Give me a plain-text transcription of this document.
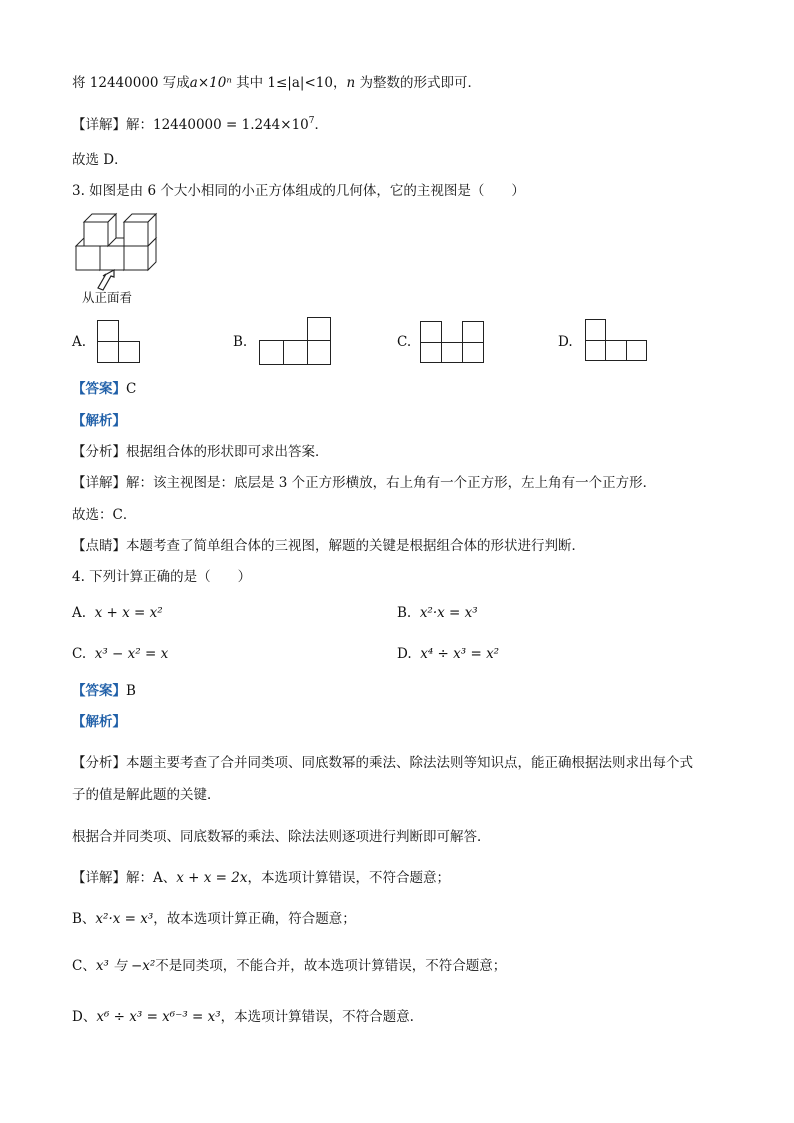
将 12440000 写成a×10ⁿ 其中 1≤|a|<10，n 为整数的形式即可．
【详解】解：$12440000 = 1.244\times 10^7$．
故选 D．
3. 如图是由 6 个大小相同的小正方体组成的几何体，它的主视图是（　　）
从正面看
A.	B.	C.	D.
【答案】C
【解析】
【分析】根据组合体的形状即可求出答案．
【详解】解：该主视图是：底层是 3 个正方形横放，右上角有一个正方形，左上角有一个正方形．
故选：C．
【点睛】本题考查了简单组合体的三视图，解题的关键是根据组合体的形状进行判断．
4. 下列计算正确的是（　　）
A. x + x = x²	B. x²·x = x³
C. x³ − x² = x	D. x⁴ ÷ x³ = x²
【答案】B
【解析】
【分析】本题主要考查了合并同类项、同底数幂的乘法、除法法则等知识点，能正确根据法则求出每个式
子的值是解此题的关键．
根据合并同类项、同底数幂的乘法、除法法则逐项进行判断即可解答．
【详解】解：A、x + x = 2x，本选项计算错误，不符合题意；
B、x²·x = x³，故本选项计算正确，符合题意；
C、x³ 与 −x²不是同类项，不能合并，故本选项计算错误，不符合题意；
D、x⁶ ÷ x³ = x⁶⁻³ = x³，本选项计算错误，不符合题意.
